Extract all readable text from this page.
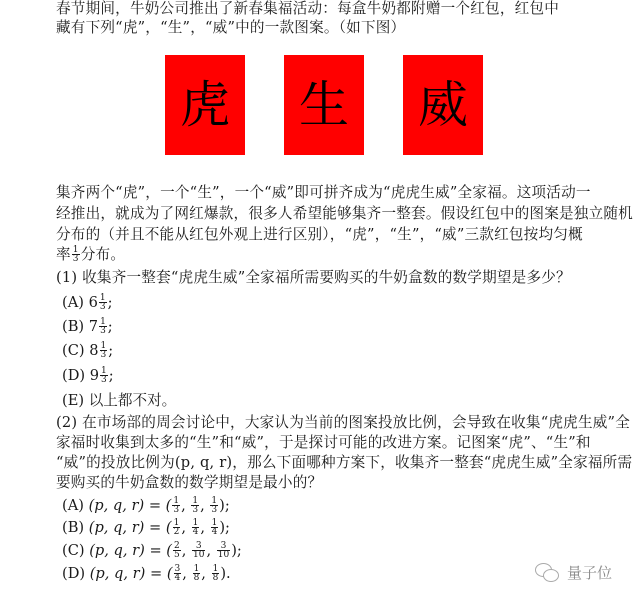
春节期间，牛奶公司推出了新春集福活动：每盒牛奶都附赠一个红包，红包中
藏有下列“虎”，“生”，“威”中的一款图案。（如下图）
虎 生 威
集齐两个“虎”，一个“生”，一个“威”即可拼齐成为“虎虎生威”全家福。这项活动一
经推出，就成为了网红爆款，很多人希望能够集齐一整套。假设红包中的图案是独立随机
分布的（并且不能从红包外观上进行区别），“虎”，“生”，“威”三款红包按均匀概
率 $\frac{1}{3}$ 分布。
(1) 收集齐一整套“虎虎生威”全家福所需要购买的牛奶盒数的数学期望是多少？
(A) $6 \frac{1}{3}$ ;
(B) $7 \frac{1}{3}$ ;
(C) $8 \frac{1}{3}$ ;
(D) $9 \frac{1}{3}$ ;
(E) 以上都不对。
(2) 在市场部的周会讨论中，大家认为当前的图案投放比例，会导致在收集“虎虎生威”全
家福时收集到太多的“生”和“威”，于是探讨可能的改进方案。记图案“虎”、“生”和
“威”的投放比例为(p, q, r)，那么下面哪种方案下，收集齐一整套“虎虎生威”全家福所需
要购买的牛奶盒数的数学期望是最小的？
(A) (p, q, r) = ( $\frac{1}{3}$ , $\frac{1}{3}$ , $\frac{1}{3}$ );
(B) (p, q, r) = ( $\frac{1}{2}$ , $\frac{1}{4}$ , $\frac{1}{4}$ );
(C) (p, q, r) = ( $\frac{2}{5}$ , $\frac{3}{10}$ , $\frac{3}{10}$ );
(D) (p, q, r) = ( $\frac{3}{4}$ , $\frac{1}{8}$ , $\frac{1}{8}$ ).	量子位
